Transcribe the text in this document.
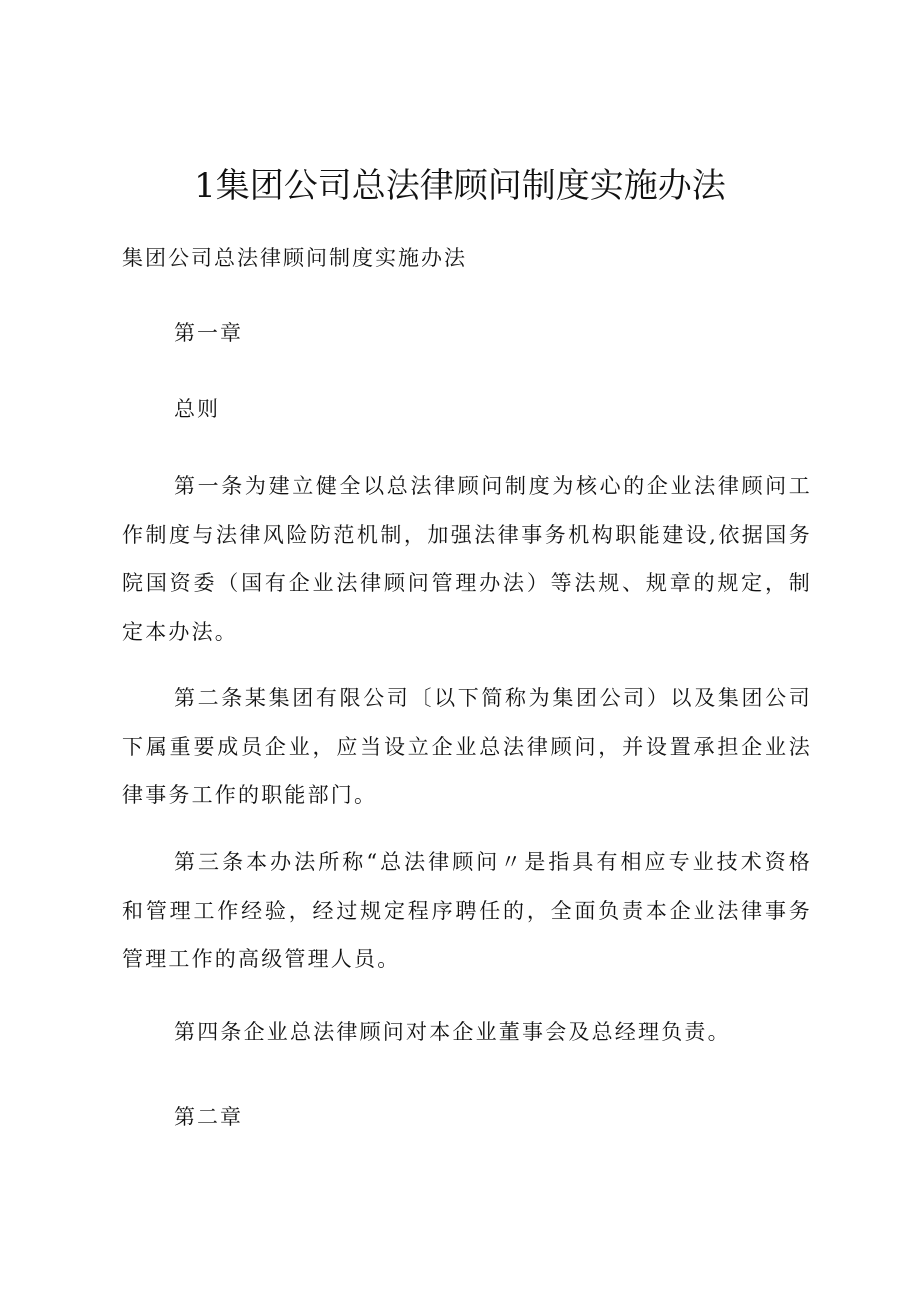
1集团公司总法律顾问制度实施办法

集团公司总法律顾问制度实施办法

第一章

总则

第一条为建立健全以总法律顾问制度为核心的企业法律顾问工作制度与法律风险防范机制，加强法律事务机构职能建设,依据国务院国资委（国有企业法律顾问管理办法）等法规、规章的规定，制定本办法。

第二条某集团有限公司〔以下简称为集团公司）以及集团公司下属重要成员企业，应当设立企业总法律顾问，并设置承担企业法律事务工作的职能部门。

第三条本办法所称“总法律顾问〃是指具有相应专业技术资格和管理工作经验，经过规定程序聘任的，全面负责本企业法律事务管理工作的高级管理人员。

第四条企业总法律顾问对本企业董事会及总经理负责。

第二章
